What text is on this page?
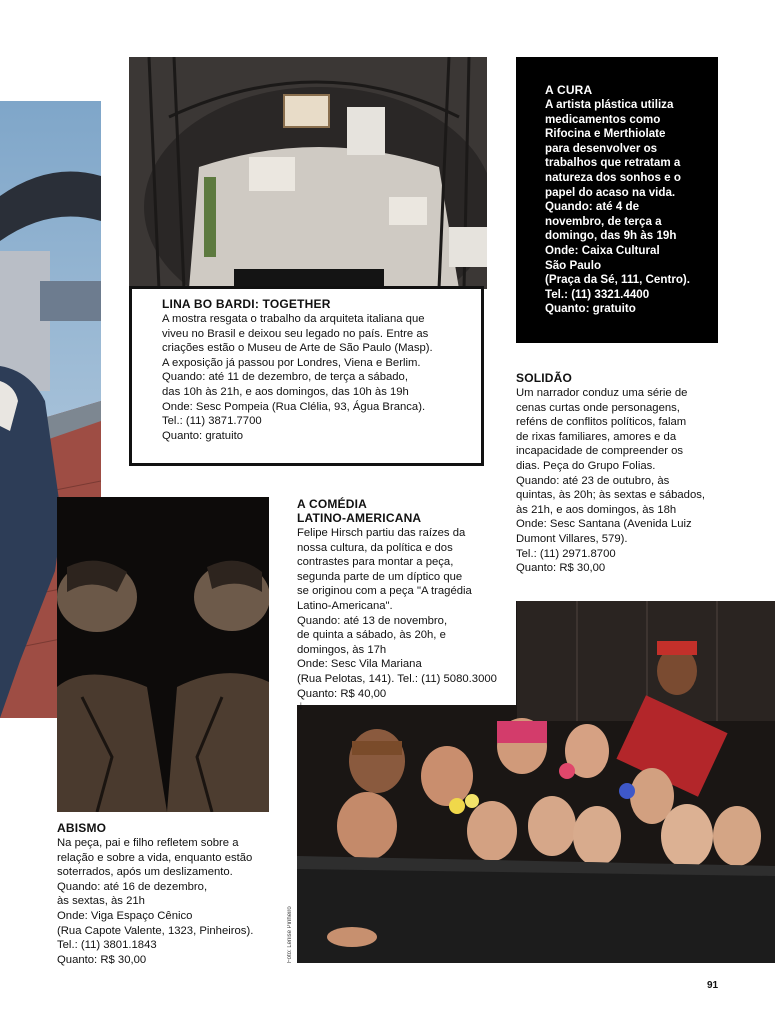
LINA BO BARDI: TOGETHER

A mostra resgata o trabalho da arquiteta italiana que
viveu no Brasil e deixou seu legado no país. Entre as
criações estão o Museu de Arte de São Paulo (Masp).
A exposição já passou por Londres, Viena e Berlim.
Quando: até 11 de dezembro, de terça a sábado,
das 10h às 21h, e aos domingos, das 10h às 19h
Onde: Sesc Pompeia (Rua Clélia, 93, Água Branca).
Tel.: (11) 3871.7700
Quanto: gratuito

A CURA

A artista plástica utiliza
medicamentos como
Rifocina e Merthiolate
para desenvolver os
trabalhos que retratam a
natureza dos sonhos e o
papel do acaso na vida.
Quando: até 4 de
novembro, de terça a
domingo, das 9h às 19h
Onde: Caixa Cultural
São Paulo
(Praça da Sé, 111, Centro).
Tel.: (11) 3321.4400
Quanto: gratuito

SOLIDÃO

Um narrador conduz uma série de
cenas curtas onde personagens,
reféns de conflitos políticos, falam
de rixas familiares, amores e da
incapacidade de compreender os
dias. Peça do Grupo Folias.
Quando: até 23 de outubro, às
quintas, às 20h; às sextas e sábados,
às 21h, e aos domingos, às 18h
Onde: Sesc Santana (Avenida Luiz
Dumont Villares, 579).
Tel.: (11) 2971.8700
Quanto: R$ 30,00

A COMÉDIA
LATINO-AMERICANA

Felipe Hirsch partiu das raízes da
nossa cultura, da política e dos
contrastes para montar a peça,
segunda parte de um díptico que
se originou com a peça "A tragédia
Latino-Americana".
Quando: até 13 de novembro,
de quinta a sábado, às 20h, e
domingos, às 17h
Onde: Sesc Vila Mariana
(Rua Pelotas, 141). Tel.: (11) 5080.3000
Quanto: R$ 40,00

↓
ABISMO

Na peça, pai e filho refletem sobre a
relação e sobre a vida, enquanto estão
soterrados, após um deslizamento.
Quando: até 16 de dezembro,
às sextas, às 21h
Onde: Viga Espaço Cênico
(Rua Capote Valente, 1323, Pinheiros).
Tel.: (11) 3801.1843
Quanto: R$ 30,00	Foto: Lenise Pinheiro
91
